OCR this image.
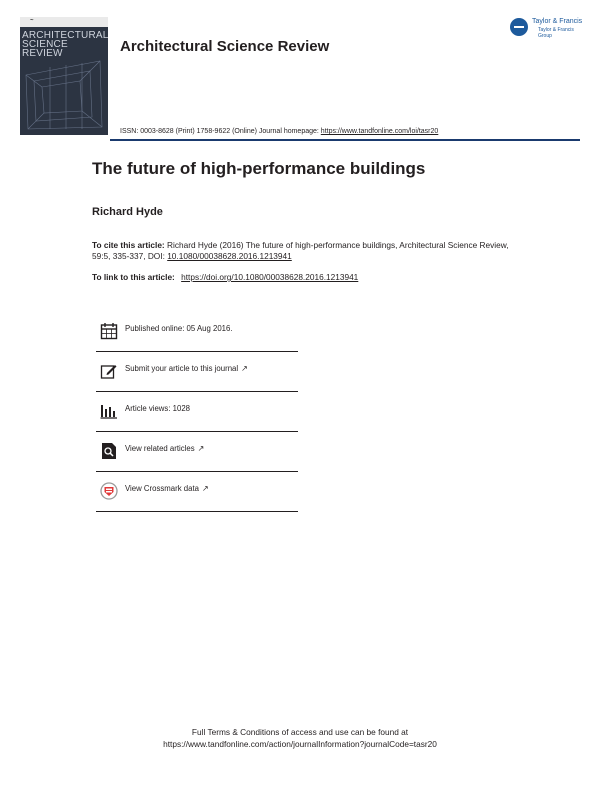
~
ARCHITECTURAL
SCIENCE
REVIEW	Architectural Science Review
Taylor & Francis
Taylor & Francis Group
ISSN: 0003-8628 (Print) 1758-9622 (Online) Journal homepage: https://www.tandfonline.com/loi/tasr20
The future of high-performance buildings
Richard Hyde
To cite this article: Richard Hyde (2016) The future of high-performance buildings, Architectural Science Review, 59:5, 335-337, DOI: 10.1080/00038628.2016.1213941
To link to this article: https://doi.org/10.1080/00038628.2016.1213941
Published online: 05 Aug 2016.
Submit your article to this journal ↗
Article views: 1028
View related articles ↗
View Crossmark data ↗
Full Terms & Conditions of access and use can be found at
https://www.tandfonline.com/action/journalInformation?journalCode=tasr20
